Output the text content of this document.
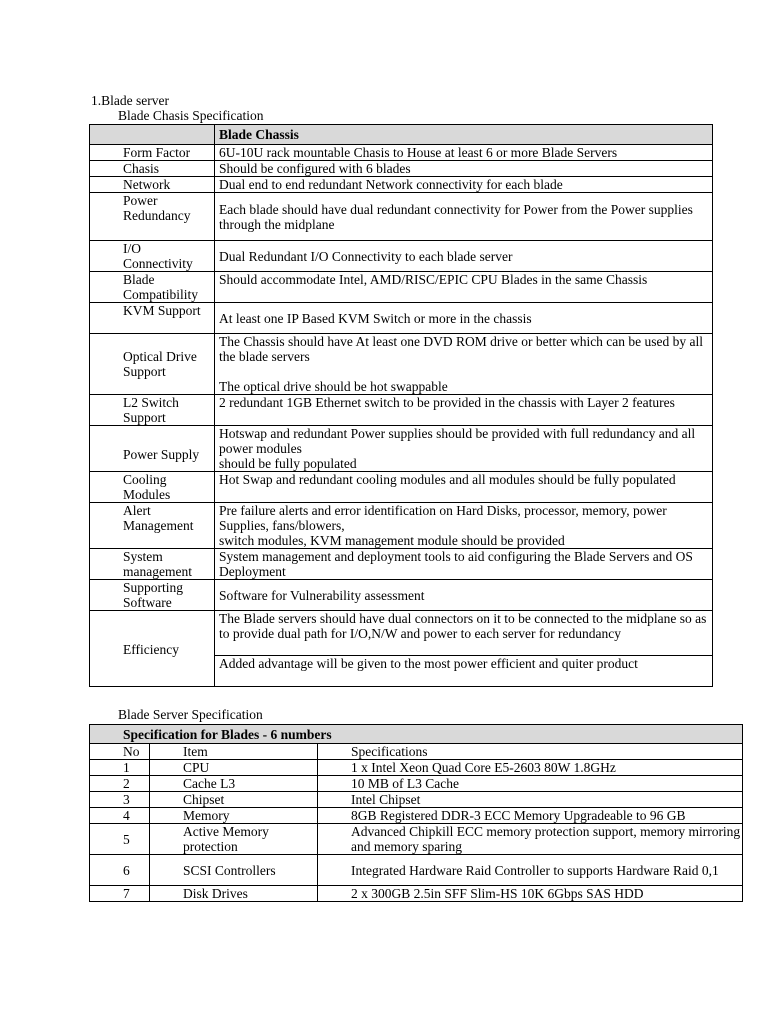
1.Blade server
Blade Chasis Specification
	Blade Chassis
Form Factor	6U-10U rack mountable Chasis to House at least 6 or more Blade Servers
Chasis	Should be configured with 6 blades
Network	Dual end to end redundant Network connectivity for each blade
Power Redundancy	Each blade should have dual redundant connectivity for Power from the Power supplies through the midplane
I/O Connectivity	Dual Redundant I/O Connectivity to each blade server
Blade Compatibility	Should accommodate Intel, AMD/RISC/EPIC CPU Blades in the same Chassis
KVM Support	At least one IP Based KVM Switch or more in the chassis
Optical Drive Support	The Chassis should have At least one DVD ROM drive or better which can be used by all the blade servers
The optical drive should be hot swappable

L2 Switch Support	2 redundant 1GB Ethernet switch to be provided in the chassis with Layer 2 features
Power Supply	Hotswap and redundant Power supplies should be provided with full redundancy and all power modules
should be fully populated

Cooling Modules	Hot Swap and redundant cooling modules and all modules should be fully populated
Alert Management	Pre failure alerts and error identification on Hard Disks, processor, memory, power Supplies, fans/blowers,
switch modules, KVM management module should be provided

System management	System management and deployment tools to aid configuring the Blade Servers and OS Deployment
Supporting Software	Software for Vulnerability assessment
Efficiency	The Blade servers should have dual connectors on it to be connected to the midplane so as to provide dual path for I/O,N/W and power to each server for redundancy
	Added advantage will be given to the most power efficient and quiter product
Blade Server Specification
Specification for Blades - 6 numbers		
No	Item	Specifications
1	CPU	1 x Intel Xeon Quad Core E5-2603 80W 1.8GHz
2	Cache L3	10 MB of L3 Cache
3	Chipset	Intel Chipset
4	Memory	8GB Registered DDR-3 ECC Memory Upgradeable to 96 GB
5	Active Memory protection	Advanced Chipkill ECC memory protection support, memory mirroring and memory sparing
6	SCSI Controllers	Integrated Hardware Raid Controller to supports Hardware Raid 0,1
7	Disk Drives	2 x 300GB 2.5in SFF Slim-HS 10K 6Gbps SAS HDD
